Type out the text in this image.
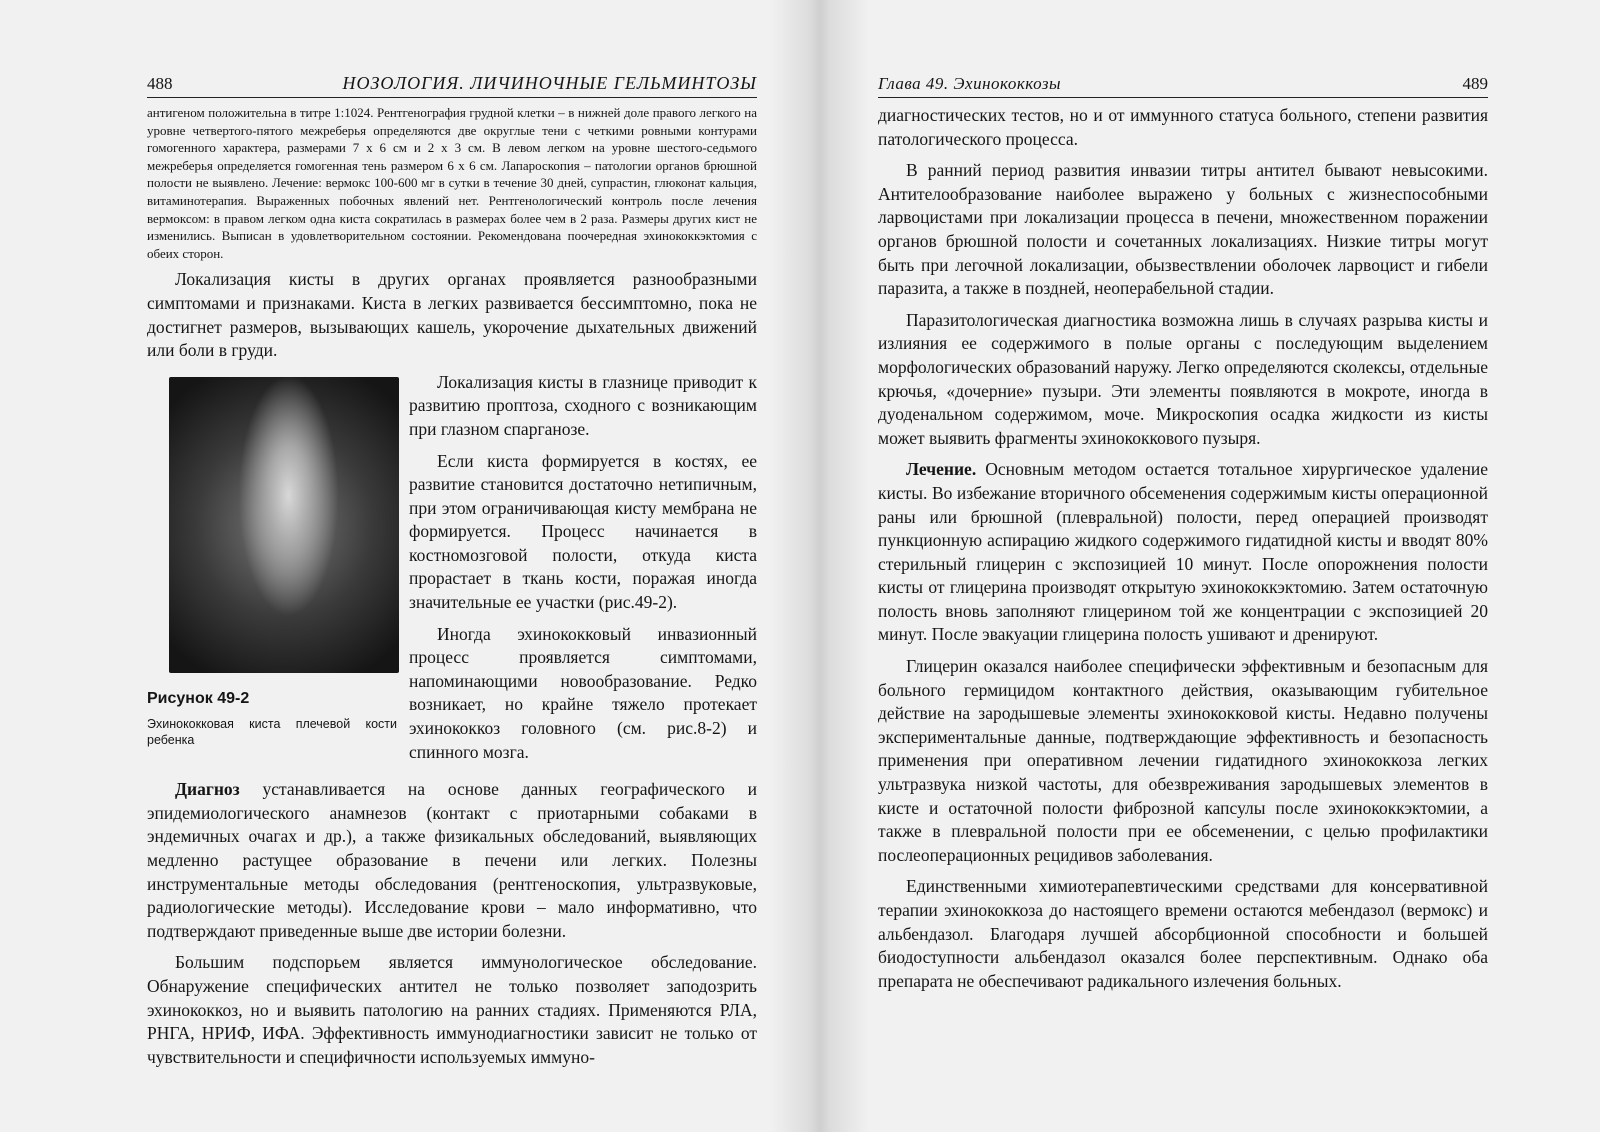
488	НОЗОЛОГИЯ. ЛИЧИНОЧНЫЕ ГЕЛЬМИНТОЗЫ

антигеном положительна в титре 1:1024. Рентгенография грудной клетки – в нижней доле правого легкого на уровне четвертого-пятого межреберья определяются две округлые тени с четкими ровными контурами гомогенного характера, размерами 7 х 6 см и 2 х 3 см. В левом легком на уровне шестого-седьмого межреберья определяется гомогенная тень размером 6 х 6 см. Лапароскопия – патологии органов брюшной полости не выявлено. Лечение: вермокс 100-600 мг в сутки в течение 30 дней, супрастин, глюконат кальция, витаминотерапия. Выраженных побочных явлений нет. Рентгенологический контроль после лечения вермоксом: в правом легком одна киста сократилась в размерах более чем в 2 раза. Размеры других кист не изменились. Выписан в удовлетворительном состоянии. Рекомендована поочередная эхинококкэктомия с обеих сторон.

Локализация кисты в других органах проявляется разнообразными симптомами и признаками. Киста в легких развивается бессимптомно, пока не достигнет размеров, вызывающих кашель, укорочение дыхательных движений или боли в груди.

Рисунок 49-2
Эхинококковая киста плечевой кости ребенка

Локализация кисты в глазнице приводит к развитию проптоза, сходного с возникающим при глазном спарганозе.

Если киста формируется в костях, ее развитие становится достаточно нетипичным, при этом ограничивающая кисту мембрана не формируется. Процесс начинается в костномозговой полости, откуда киста прорастает в ткань кости, поражая иногда значительные ее участки (рис.49-2).

Иногда эхинококковый инвазионный процесс проявляется симптомами, напоминающими новообразование. Редко возникает, но крайне тяжело протекает эхинококкоз головного (см. рис.8-2) и спинного мозга.

Диагноз устанавливается на основе данных географического и эпидемиологического анамнезов (контакт с приотарными собаками в эндемичных очагах и др.), а также физикальных обследований, выявляющих медленно растущее образование в печени или легких. Полезны инструментальные методы обследования (рентгеноскопия, ультразвуковые, радиологические методы). Исследование крови – мало информативно, что подтверждают приведенные выше две истории болезни.

Большим подспорьем является иммунологическое обследование. Обнаружение специфических антител не только позволяет заподозрить эхинококкоз, но и выявить патологию на ранних стадиях. Применяются РЛА, РНГА, НРИФ, ИФА. Эффективность иммунодиагностики зависит не только от чувствительности и специфичности используемых иммуно-

Глава 49. Эхинококкозы	489

диагностических тестов, но и от иммунного статуса больного, степени развития патологического процесса.

В ранний период развития инвазии титры антител бывают невысокими. Антителообразование наиболее выражено у больных с жизнеспособными ларвоцистами при локализации процесса в печени, множественном поражении органов брюшной полости и сочетанных локализациях. Низкие титры могут быть при легочной локализации, обызвествлении оболочек ларвоцист и гибели паразита, а также в поздней, неоперабельной стадии.

Паразитологическая диагностика возможна лишь в случаях разрыва кисты и излияния ее содержимого в полые органы с последующим выделением морфологических образований наружу. Легко определяются сколексы, отдельные крючья, «дочерние» пузыри. Эти элементы появляются в мокроте, иногда в дуоденальном содержимом, моче. Микроскопия осадка жидкости из кисты может выявить фрагменты эхинококкового пузыря.

Лечение. Основным методом остается тотальное хирургическое удаление кисты. Во избежание вторичного обсеменения содержимым кисты операционной раны или брюшной (плевральной) полости, перед операцией производят пункционную аспирацию жидкого содержимого гидатидной кисты и вводят 80% стерильный глицерин с экспозицией 10 минут. После опорожнения полости кисты от глицерина производят открытую эхинококкэктомию. Затем остаточную полость вновь заполняют глицерином той же концентрации с экспозицией 20 минут. После эвакуации глицерина полость ушивают и дренируют.

Глицерин оказался наиболее специфически эффективным и безопасным для больного гермицидом контактного действия, оказывающим губительное действие на зародышевые элементы эхинококковой кисты. Недавно получены экспериментальные данные, подтверждающие эффективность и безопасность применения при оперативном лечении гидатидного эхинококкоза легких ультразвука низкой частоты, для обезвреживания зародышевых элементов в кисте и остаточной полости фиброзной капсулы после эхинококкэктомии, а также в плевральной полости при ее обсеменении, с целью профилактики послеоперационных рецидивов заболевания.

Единственными химиотерапевтическими средствами для консервативной терапии эхинококкоза до настоящего времени остаются мебендазол (вермокс) и альбендазол. Благодаря лучшей абсорбционной способности и большей биодоступности альбендазол оказался более перспективным. Однако оба препарата не обеспечивают радикального излечения больных.
